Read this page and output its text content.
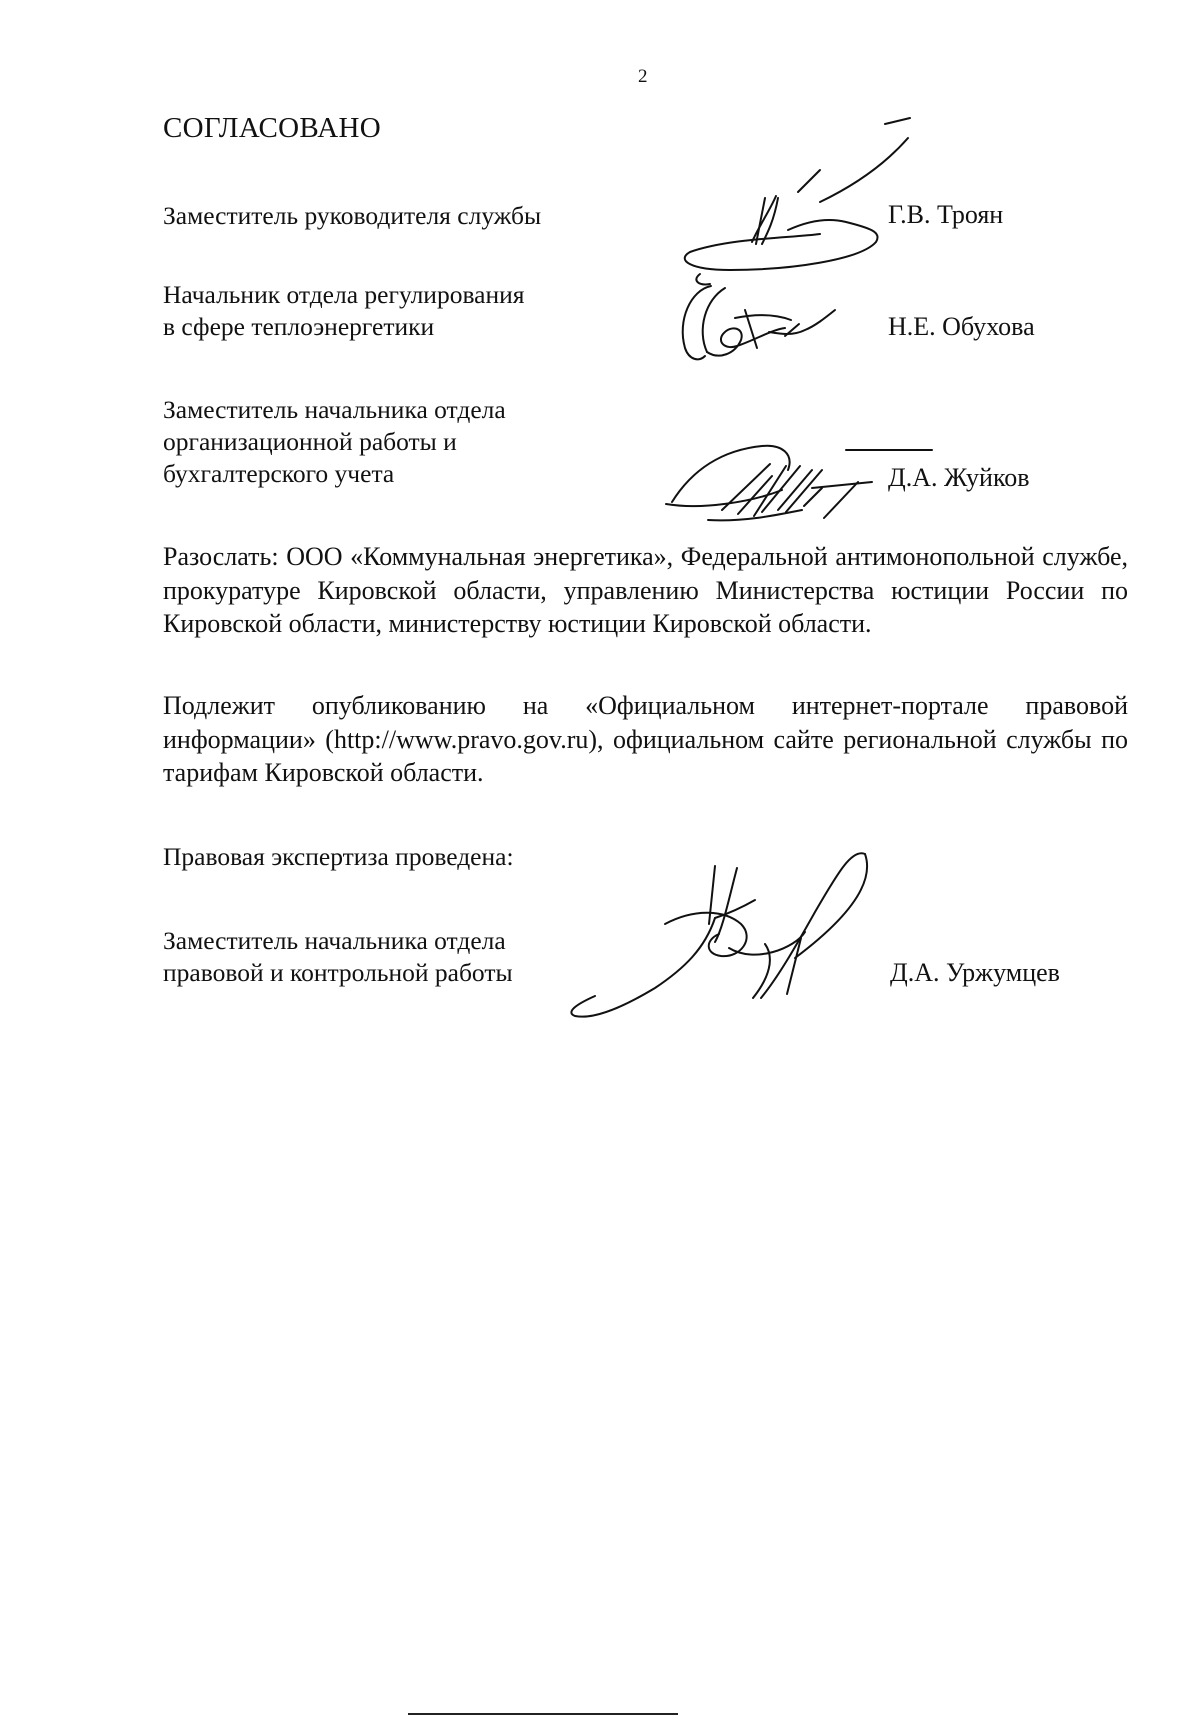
2
СОГЛАСОВАНО
Заместитель руководителя службы	Г.В. Троян
Начальник отдела регулирования
в сфере теплоэнергетики	Н.Е. Обухова
Заместитель начальника отдела
организационной работы и
бухгалтерского учета	Д.А. Жуйков
Разослать: ООО «Коммунальная энергетика», Федеральной антимонопольной службе, прокуратуре Кировской области, управлению Министерства юстиции России по Кировской области, министерству юстиции Кировской области.
Подлежит опубликованию на «Официальном интернет-портале правовой информации» (http://www.pravo.gov.ru), официальном сайте региональной службы по тарифам Кировской области.
Правовая экспертиза проведена:
Заместитель начальника отдела
правовой и контрольной работы	Д.А. Уржумцев
